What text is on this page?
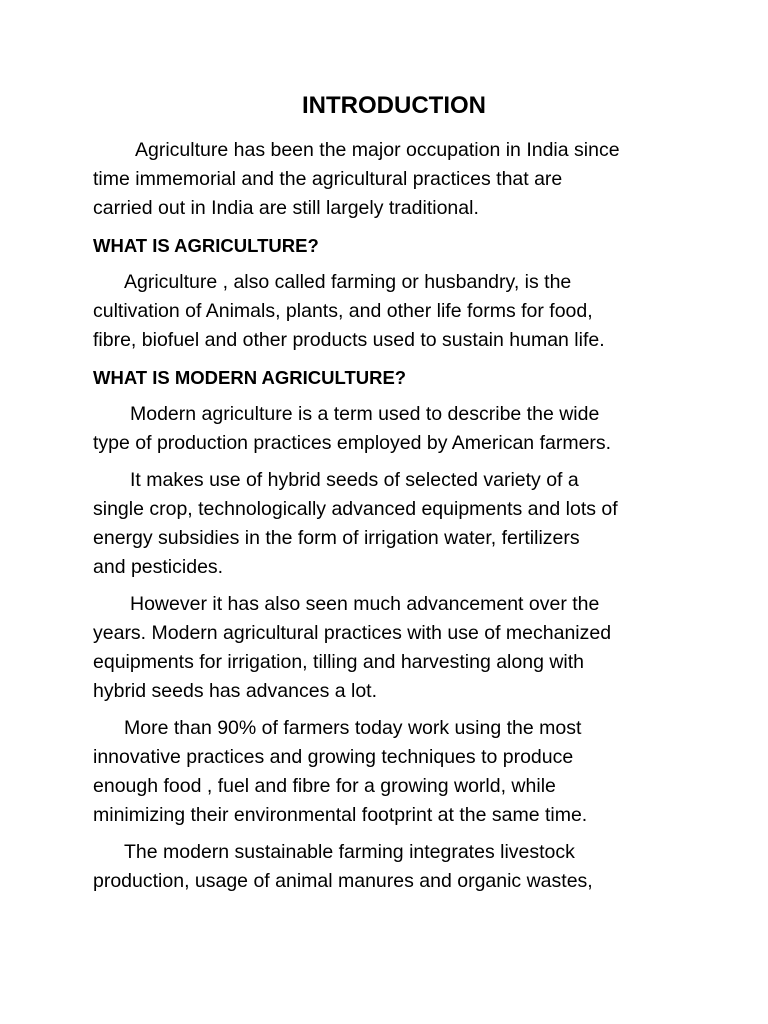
INTRODUCTION

Agriculture has been the major occupation in India since
time immemorial and the agricultural practices that are
carried out in India are still largely traditional.

WHAT IS AGRICULTURE?

Agriculture , also called farming or husbandry, is the
cultivation of Animals, plants, and other life forms for food,
fibre, biofuel and other products used to sustain human life.

WHAT IS MODERN AGRICULTURE?

Modern agriculture is a term used to describe the wide
type of production practices employed by American farmers.

It makes use of hybrid seeds of selected variety of a
single crop, technologically advanced equipments and lots of
energy subsidies in the form of irrigation water, fertilizers
and pesticides.

However it has also seen much advancement over the
years. Modern agricultural practices with use of mechanized
equipments for irrigation, tilling and harvesting along with
hybrid seeds has advances a lot.

More than 90% of farmers today work using the most
innovative practices and growing techniques to produce
enough food , fuel and fibre for a growing world, while
minimizing their environmental footprint at the same time.

The modern sustainable farming integrates livestock
production, usage of animal manures and organic wastes,
